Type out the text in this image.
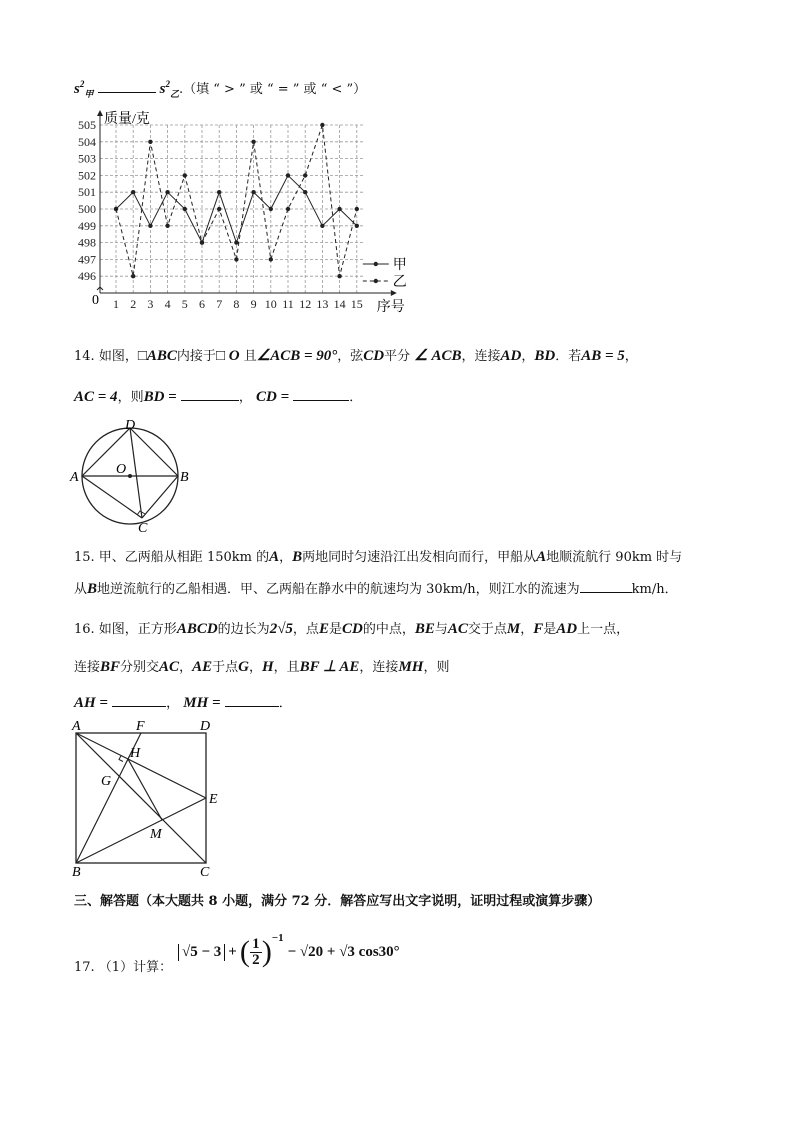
$s^2_甲$	$s^2_乙$.（填 “ > ” 或 “ = ” 或 “ < ”）
496
497
498
499
500
501
502
503
504
505
1 2 3 4 5 6 7 8 9 10 11 12 13 14 15
质量/克
序号
0
甲
乙
14. 如图，□ABC内接于□ O 且∠ACB = 90°，弦CD平分 ∠ ACB，连接AD，BD．若AB = 5，
AC = 4，则BD =	， CD =	．
D
A	B
O
C
15. 甲、乙两船从相距 150km 的A，B两地同时匀速沿江出发相向而行，甲船从A地顺流航行 90km 时与
从B地逆流航行的乙船相遇．甲、乙两船在静水中的航速均为 30km/h，则江水的流速为	km/h．
16. 如图，正方形ABCD的边长为2√5，点E是CD的中点，BE与AC交于点M，F是AD上一点，
连接BF分别交AC，AE于点G，H，且BF ⊥ AE，连接MH，则
AH =	， MH =	．
A	F	D
H
G
E
M
B	C
三、解答题（本大题共 8 小题，满分 72 分．解答应写出文字说明，证明过程或演算步骤）
17. （1）计算：
√5 − 3 + ( 1
2 )$^{-1}$
− √20 + √3 cos30°
